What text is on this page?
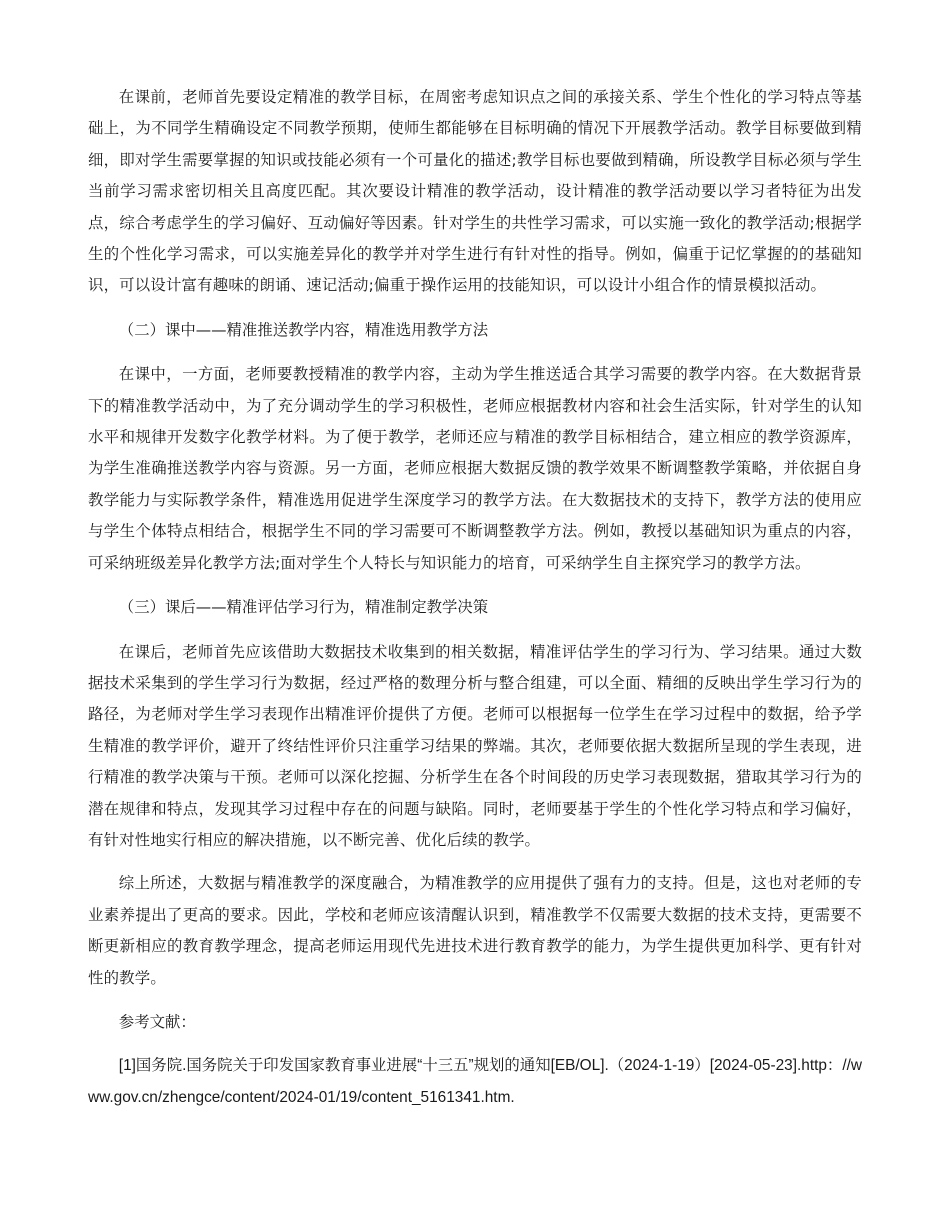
在课前，老师首先要设定精准的教学目标，在周密考虑知识点之间的承接关系、学生个性化的学习特点等基础上，为不同学生精确设定不同教学预期，使师生都能够在目标明确的情况下开展教学活动。教学目标要做到精细，即对学生需要掌握的知识或技能必须有一个可量化的描述;教学目标也要做到精确，所设教学目标必须与学生当前学习需求密切相关且高度匹配。其次要设计精准的教学活动，设计精准的教学活动要以学习者特征为出发点，综合考虑学生的学习偏好、互动偏好等因素。针对学生的共性学习需求，可以实施一致化的教学活动;根据学生的个性化学习需求，可以实施差异化的教学并对学生进行有针对性的指导。例如，偏重于记忆掌握的的基础知识，可以设计富有趣味的朗诵、速记活动;偏重于操作运用的技能知识，可以设计小组合作的情景模拟活动。

（二）课中——精准推送教学内容，精准选用教学方法

在课中，一方面，老师要教授精准的教学内容，主动为学生推送适合其学习需要的教学内容。在大数据背景下的精准教学活动中，为了充分调动学生的学习积极性，老师应根据教材内容和社会生活实际，针对学生的认知水平和规律开发数字化教学材料。为了便于教学，老师还应与精准的教学目标相结合，建立相应的教学资源库，为学生准确推送教学内容与资源。另一方面，老师应根据大数据反馈的教学效果不断调整教学策略，并依据自身教学能力与实际教学条件，精准选用促进学生深度学习的教学方法。在大数据技术的支持下，教学方法的使用应与学生个体特点相结合，根据学生不同的学习需要可不断调整教学方法。例如，教授以基础知识为重点的内容，可采纳班级差异化教学方法;面对学生个人特长与知识能力的培育，可采纳学生自主探究学习的教学方法。

（三）课后——精准评估学习行为，精准制定教学决策

在课后，老师首先应该借助大数据技术收集到的相关数据，精准评估学生的学习行为、学习结果。通过大数据技术采集到的学生学习行为数据，经过严格的数理分析与整合组建，可以全面、精细的反映出学生学习行为的路径，为老师对学生学习表现作出精准评价提供了方便。老师可以根据每一位学生在学习过程中的数据，给予学生精准的教学评价，避开了终结性评价只注重学习结果的弊端。其次，老师要依据大数据所呈现的学生表现，进行精准的教学决策与干预。老师可以深化挖掘、分析学生在各个时间段的历史学习表现数据，猎取其学习行为的潜在规律和特点，发现其学习过程中存在的问题与缺陷。同时，老师要基于学生的个性化学习特点和学习偏好，有针对性地实行相应的解决措施，以不断完善、优化后续的教学。

综上所述，大数据与精准教学的深度融合，为精准教学的应用提供了强有力的支持。但是，这也对老师的专业素养提出了更高的要求。因此，学校和老师应该清醒认识到，精准教学不仅需要大数据的技术支持，更需要不断更新相应的教育教学理念，提高老师运用现代先进技术进行教育教学的能力，为学生提供更加科学、更有针对性的教学。

参考文献：

[1]国务院.国务院关于印发国家教育事业进展“十三五”规划的通知[EB/OL].（2024-1-19）[2024-05-23].http：//www.gov.cn/zhengce/content/2024-01/19/content_5161341.htm.
